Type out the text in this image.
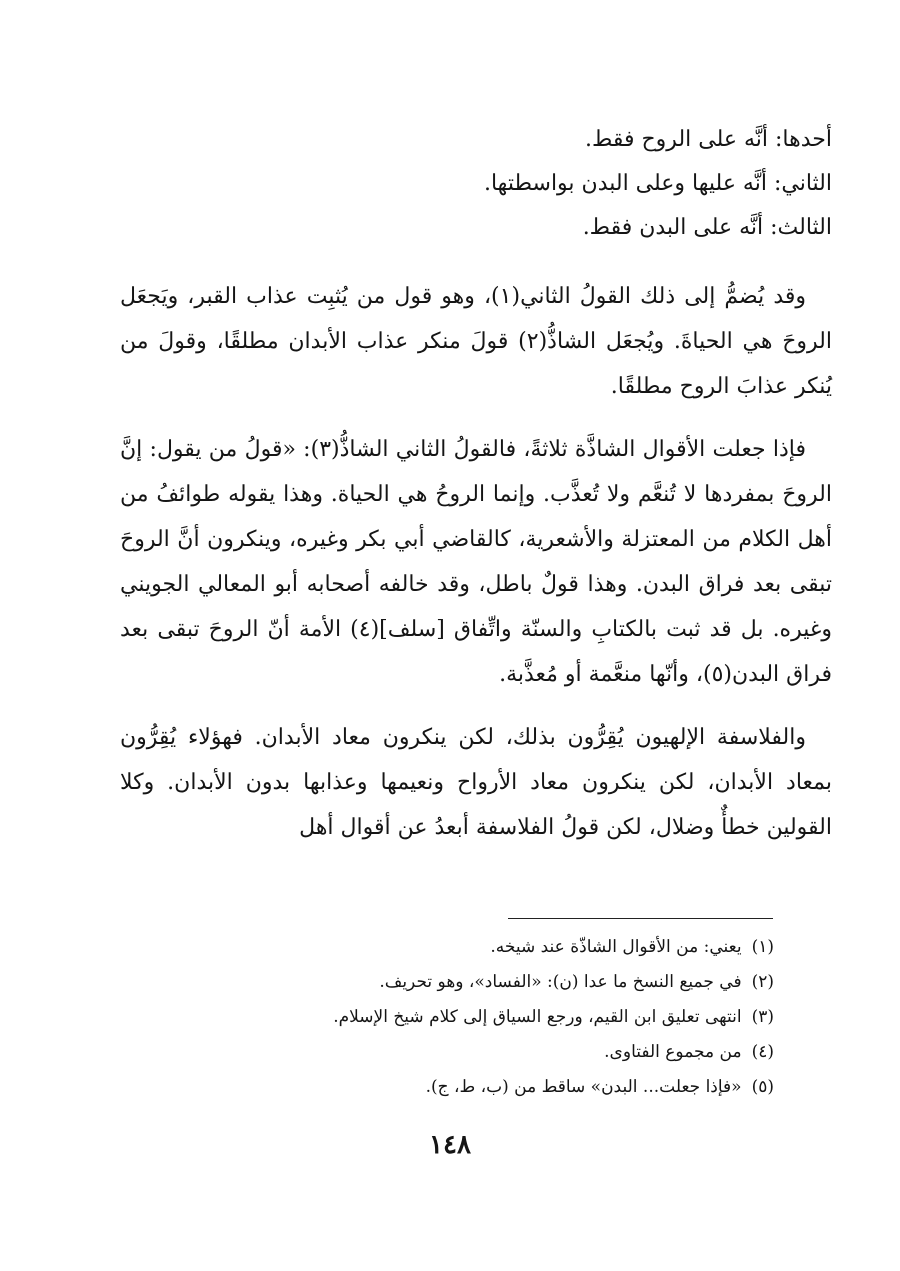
أحدها: أنَّه على الروح فقط.

الثاني: أنَّه عليها وعلى البدن بواسطتها.

الثالث: أنَّه على البدن فقط.

وقد يُضمُّ إلى ذلك القولُ الثاني(١)، وهو قول من يُثبِت عذاب القبر، ويَجعَل الروحَ هي الحياةَ. ويُجعَل الشاذُّ(٢) قولَ منكر عذاب الأبدان مطلقًا، وقولَ من يُنكر عذابَ الروح مطلقًا.

فإذا جعلت الأقوال الشاذَّة ثلاثةً، فالقولُ الثاني الشاذُّ(٣): «قولُ من يقول: إنَّ الروحَ بمفردها لا تُنعَّم ولا تُعذَّب. وإنما الروحُ هي الحياة. وهذا يقوله طوائفُ من أهل الكلام من المعتزلة والأشعرية، كالقاضي أبي بكر وغيره، وينكرون أنَّ الروحَ تبقى بعد فراق البدن. وهذا قولٌ باطل، وقد خالفه أصحابه أبو المعالي الجويني وغيره. بل قد ثبت بالكتابِ والسنّة واتِّفاق [سلف](٤) الأمة أنّ الروحَ تبقى بعد فراق البدن(٥)، وأنّها منعَّمة أو مُعذَّبة.

والفلاسفة الإلهيون يُقِرُّون بذلك، لكن ينكرون معاد الأبدان. فهؤلاء يُقِرُّون بمعاد الأبدان، لكن ينكرون معاد الأرواح ونعيمها وعذابها بدون الأبدان. وكلا القولين خطأٌ وضلال، لكن قولُ الفلاسفة أبعدُ عن أقوال أهل

(١)يعني: من الأقوال الشاذّة عند شيخه.

(٢)في جميع النسخ ما عدا (ن): «الفساد»، وهو تحريف.

(٣)انتهى تعليق ابن القيم، ورجع السياق إلى كلام شيخ الإسلام.

(٤)من مجموع الفتاوى.

(٥)«فإذا جعلت... البدن» ساقط من (ب، ط، ج).

١٤٨
